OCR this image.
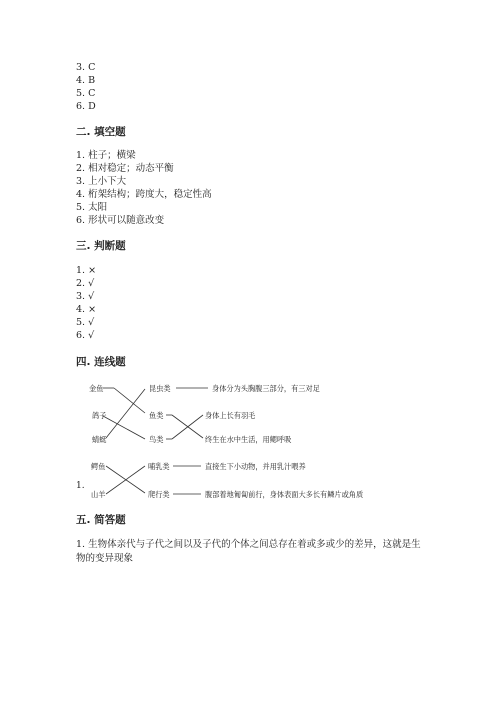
3. C
4. B
5. C
6. D
二. 填空题
1. 柱子；横梁
2. 相对稳定；动态平衡
3. 上小下大
4. 桁架结构；跨度大，稳定性高
5. 太阳
6. 形状可以随意改变
三. 判断题
1. ×
2. √
3. √
4. ×
5. √
6. √
四. 连线题
金鱼
鸽子
蜻蜓
昆虫类
鱼类
鸟类
身体分为头胸腹三部分，有三对足
身体上长有羽毛
终生在水中生活，用鳃呼吸
1.
鳄鱼
山羊
哺乳类
爬行类
直接生下小动物，并用乳汁喂养
腹部着地匍匐前行，身体表面大多长有鳞片或角质
五. 简答题
1. 生物体亲代与子代之间以及子代的个体之间总存在着或多或少的差异，这就是生物的变异现象
